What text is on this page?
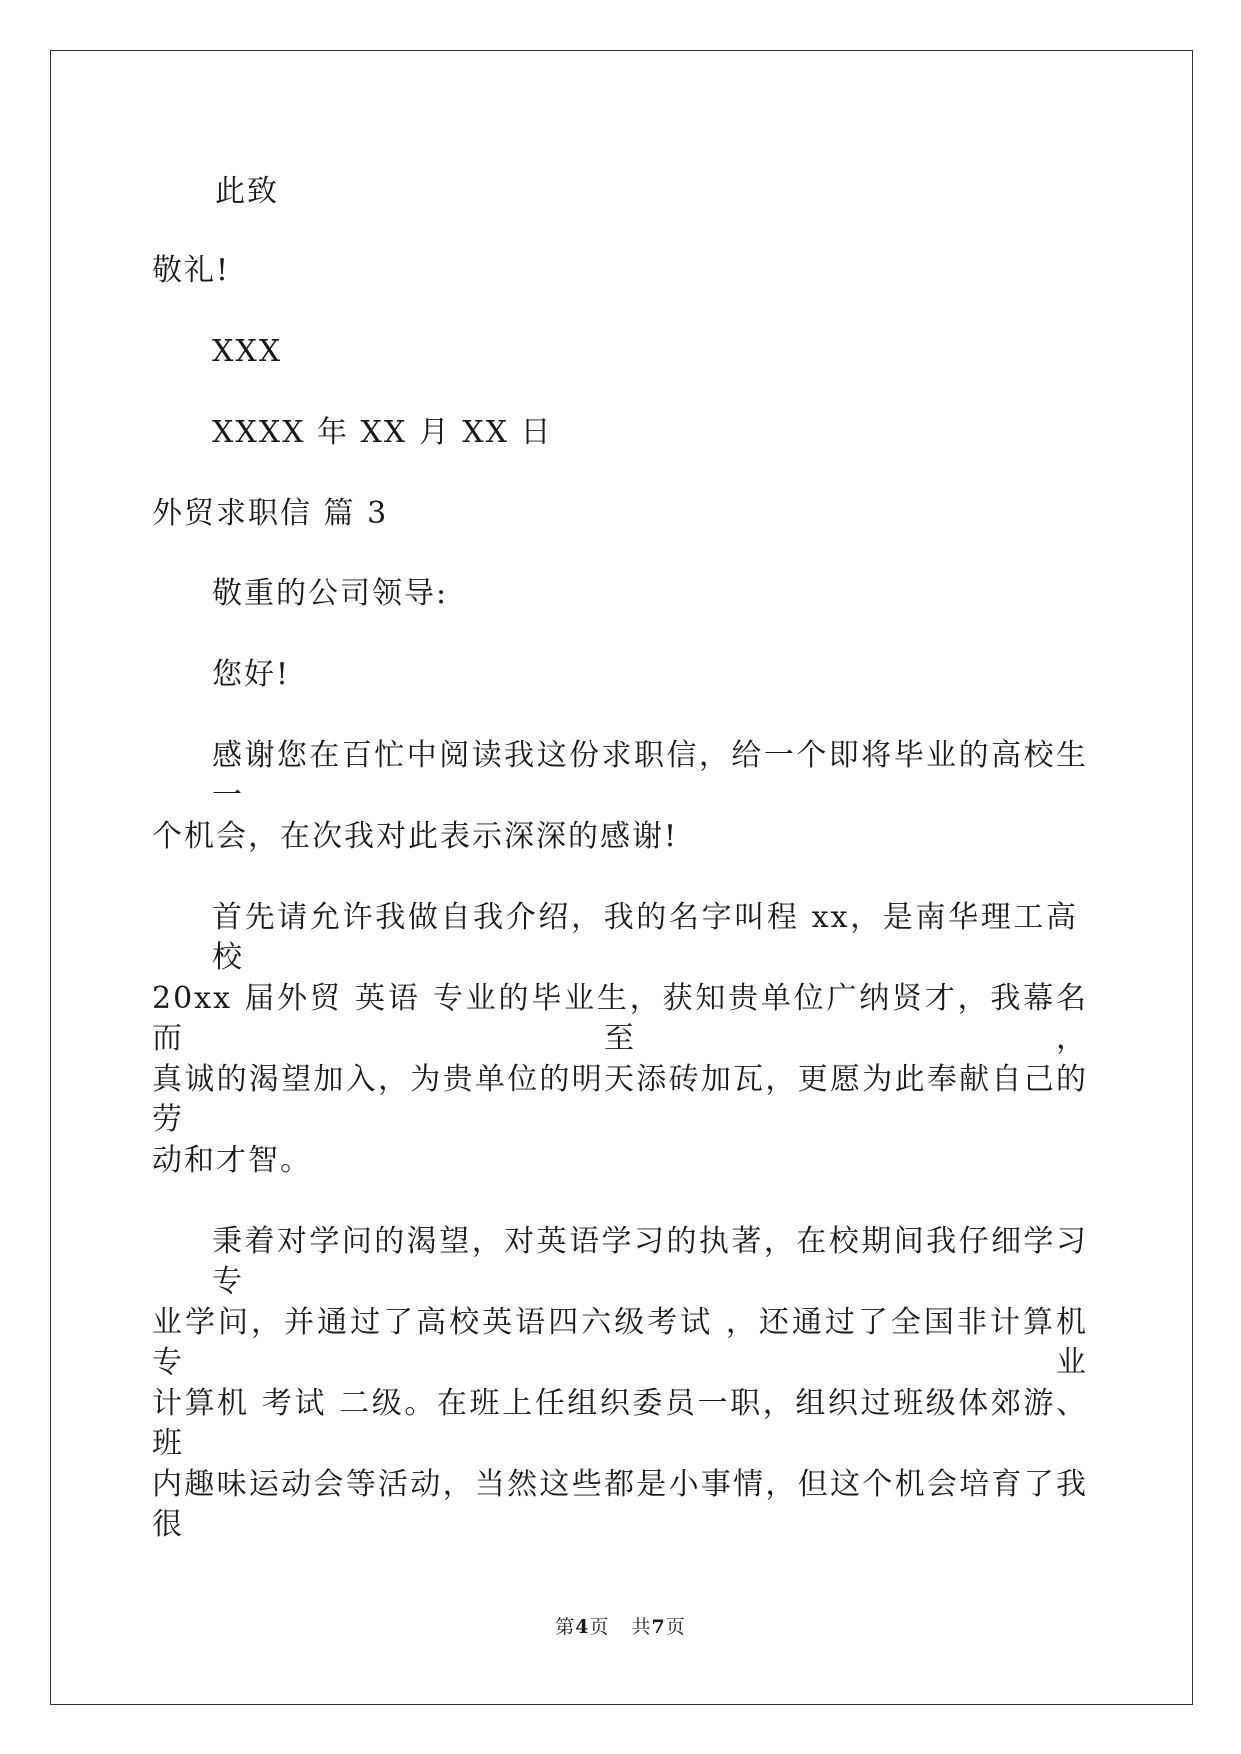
此致
敬礼!
XXX
XXXX 年 XX 月 XX 日
外贸求职信 篇 3
敬重的公司领导:
您好!
感谢您在百忙中阅读我这份求职信，给一个即将毕业的高校生一
个机会，在次我对此表示深深的感谢!
首先请允许我做自我介绍，我的名字叫程 xx，是南华理工高校
20xx 届外贸 英语 专业的毕业生，获知贵单位广纳贤才，我幕名而至，
真诚的渴望加入，为贵单位的明天添砖加瓦，更愿为此奉献自己的劳
动和才智。
秉着对学问的渴望，对英语学习的执著，在校期间我仔细学习专
业学问，并通过了高校英语四六级考试 ，还通过了全国非计算机专业
计算机 考试 二级。在班上任组织委员一职，组织过班级体郊游、班
内趣味运动会等活动，当然这些都是小事情，但这个机会培育了我很
第4页 共7页
